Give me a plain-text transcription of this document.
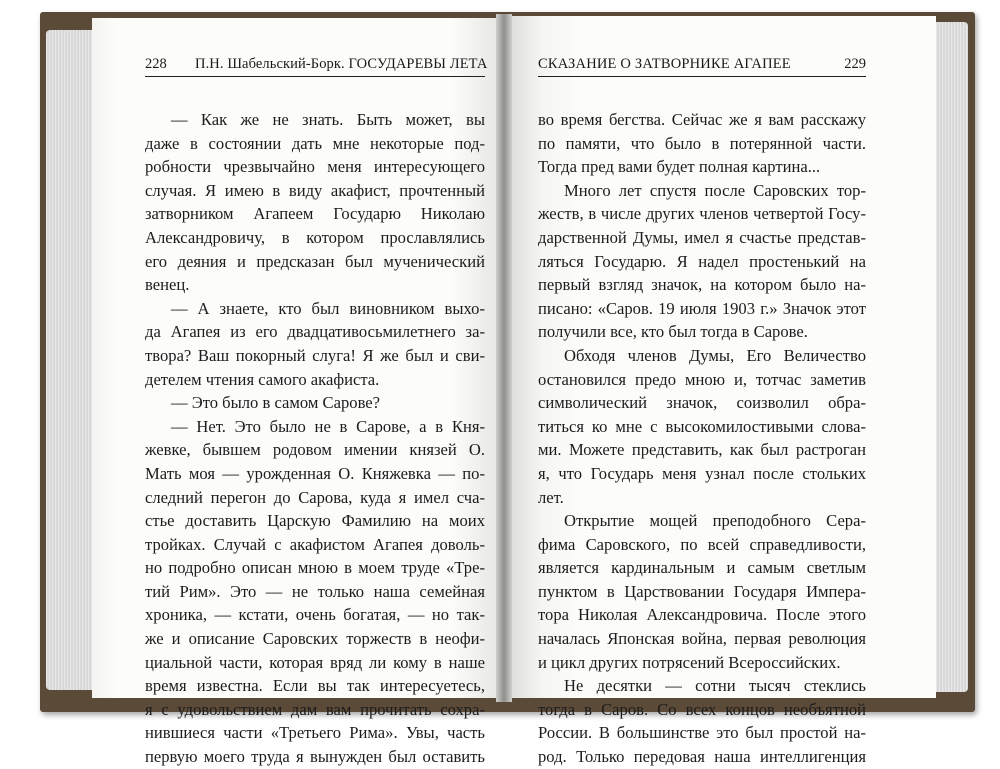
228 П.Н. Шабельский-Борк. ГОСУДАРЕВЫ ЛЕТА	СКАЗАНИЕ О ЗАТВОРНИКЕ АГАПЕЕ	229
— Как же не знать. Быть может, вы
даже в состоянии дать мне некоторые под-
робности чрезвычайно меня интересующего
случая. Я имею в виду акафист, прочтенный
затворником Агапеем Государю Николаю
Александровичу, в котором прославлялись
его деяния и предсказан был мученический
венец.
— А знаете, кто был виновником выхо-
да Агапея из его двадцативосьмилетнего за-
твора? Ваш покорный слуга! Я же был и сви-
детелем чтения самого акафиста.
— Это было в самом Сарове?
— Нет. Это было не в Сарове, а в Кня-
жевке, бывшем родовом имении князей О.
Мать моя — урожденная О. Княжевка — по-
следний перегон до Сарова, куда я имел сча-
стье доставить Царскую Фамилию на моих
тройках. Случай с акафистом Агапея доволь-
но подробно описан мною в моем труде «Тре-
тий Рим». Это — не только наша семейная
хроника, — кстати, очень богатая, — но так-
же и описание Саровских торжеств в неофи-
циальной части, которая вряд ли кому в наше
время известна. Если вы так интересуетесь,
я с удовольствием дам вам прочитать сохра-
нившиеся части «Третьего Рима». Увы, часть
первую моего труда я вынужден был оставить
во время бегства. Сейчас же я вам расскажу
по памяти, что было в потерянной части.
Тогда пред вами будет полная картина...
Много лет спустя после Саровских тор-
жеств, в числе других членов четвертой Госу-
дарственной Думы, имел я счастье представ-
ляться Государю. Я надел простенький на
первый взгляд значок, на котором было на-
писано: «Саров. 19 июля 1903 г.» Значок этот
получили все, кто был тогда в Сарове.
Обходя членов Думы, Его Величество
остановился предо мною и, тотчас заметив
символический значок, соизволил обра-
титься ко мне с высокомилостивыми слова-
ми. Можете представить, как был растроган
я, что Государь меня узнал после стольких
лет.
Открытие мощей преподобного Сера-
фима Саровского, по всей справедливости,
является кардинальным и самым светлым
пунктом в Царствовании Государя Импера-
тора Николая Александровича. После этого
началась Японская война, первая революция
и цикл других потрясений Всероссийских.
Не десятки — сотни тысяч стеклись
тогда в Саров. Со всех концов необъятной
России. В большинстве это был простой на-
род. Только передовая наша интеллигенция
